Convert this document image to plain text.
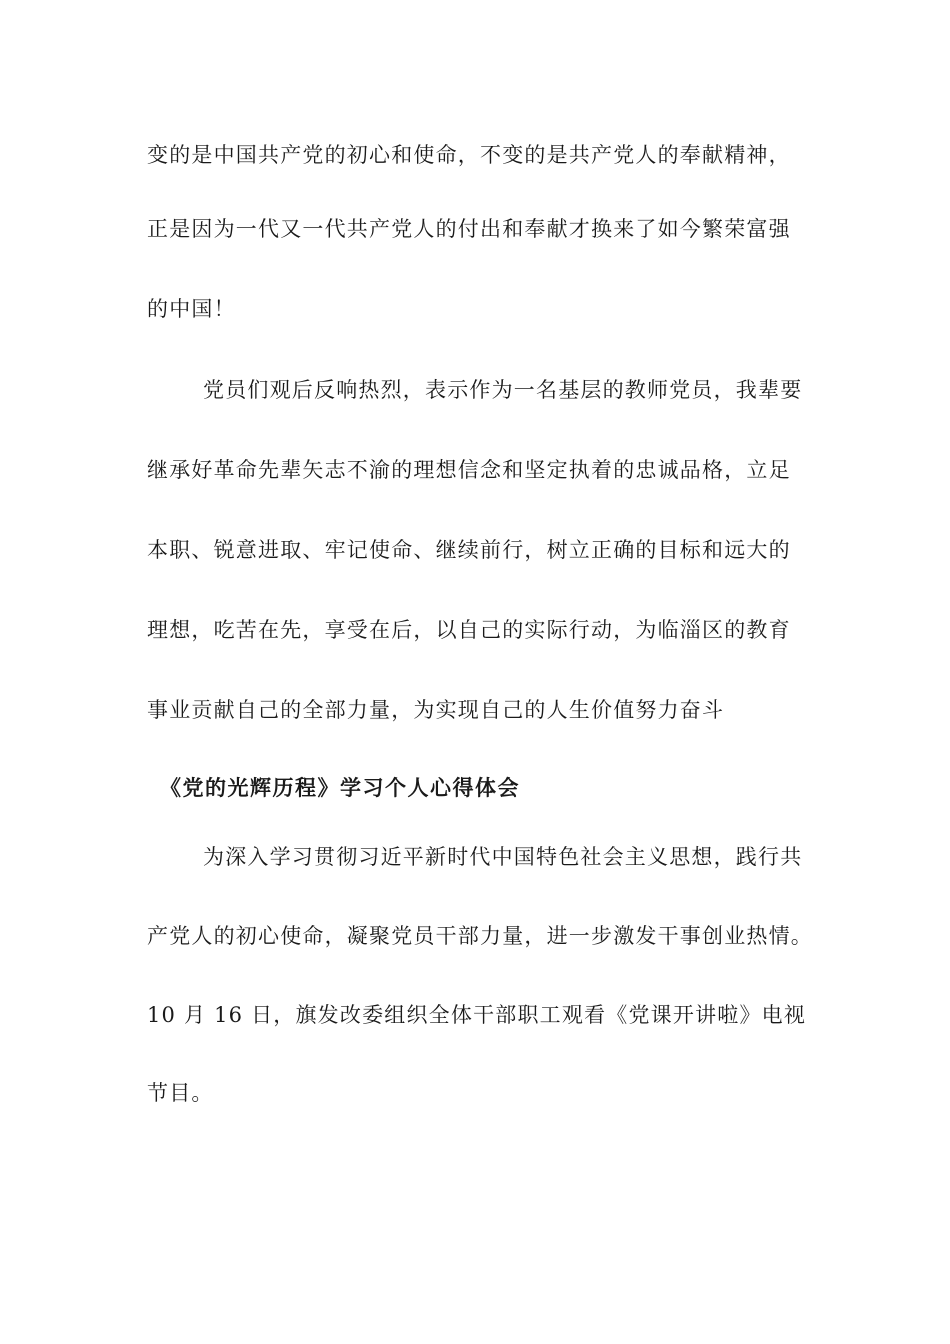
变的是中国共产党的初心和使命，不变的是共产党人的奉献精神，
正是因为一代又一代共产党人的付出和奉献才换来了如今繁荣富强
的中国！
党员们观后反响热烈，表示作为一名基层的教师党员，我辈要
继承好革命先辈矢志不渝的理想信念和坚定执着的忠诚品格，立足
本职、锐意进取、牢记使命、继续前行，树立正确的目标和远大的
理想，吃苦在先，享受在后，以自己的实际行动，为临淄区的教育
事业贡献自己的全部力量，为实现自己的人生价值努力奋斗
《党的光辉历程》学习个人心得体会
为深入学习贯彻习近平新时代中国特色社会主义思想，践行共
产党人的初心使命，凝聚党员干部力量，进一步激发干事创业热情。
10 月 16 日，旗发改委组织全体干部职工观看《党课开讲啦》电视
节目。
